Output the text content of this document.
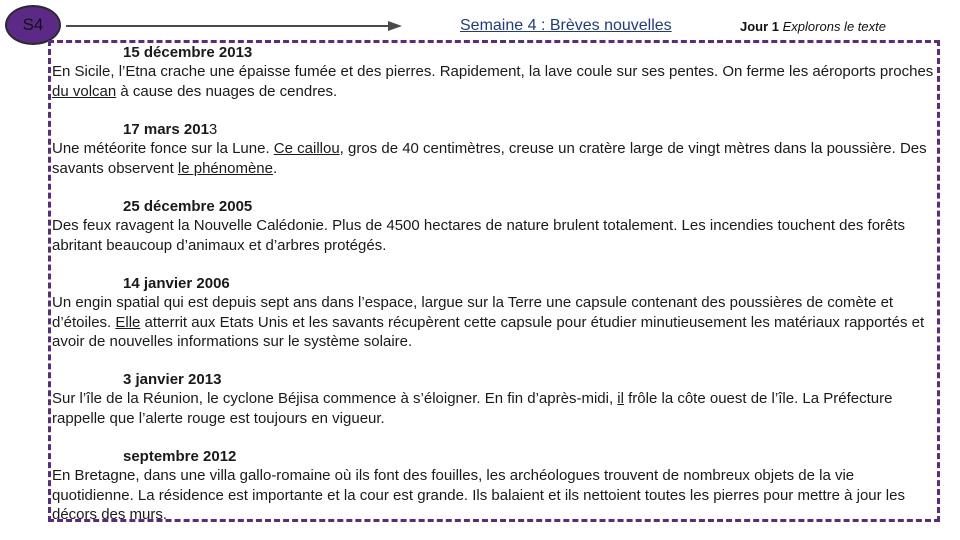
S4	Semaine 4 : Brèves nouvelles	Jour 1 Explorons le texte
15 décembre 2013
En Sicile, l’Etna crache une épaisse fumée et des pierres. Rapidement, la lave coule sur ses pentes. On ferme les aéroports proches du volcan à cause des nuages de cendres.
17 mars 2013
Une météorite fonce sur la Lune. Ce caillou, gros de 40 centimètres, creuse un cratère large de vingt mètres dans la poussière. Des savants observent le phénomène.
25 décembre 2005
Des feux ravagent la Nouvelle Calédonie. Plus de 4500 hectares de nature brulent totalement. Les incendies touchent des forêts abritant beaucoup d’animaux et d’arbres protégés.
14 janvier 2006
Un engin spatial qui est depuis sept ans dans l’espace, largue sur la Terre une capsule contenant des poussières de comète et d’étoiles. Elle atterrit aux Etats Unis et les savants récupèrent cette capsule pour étudier minutieusement les matériaux rapportés et avoir de nouvelles informations sur le système solaire.
3 janvier 2013
Sur l’île de la Réunion, le cyclone Béjisa commence à s’éloigner. En fin d’après-midi, il frôle la côte ouest de l’île. La Préfecture rappelle que l’alerte rouge est toujours en vigueur.
septembre 2012
En Bretagne, dans une villa gallo-romaine où ils font des fouilles, les archéologues trouvent de nombreux objets de la vie quotidienne. La résidence est importante et la cour est grande. Ils balaient et ils nettoient toutes les pierres pour mettre à jour les décors des murs.
